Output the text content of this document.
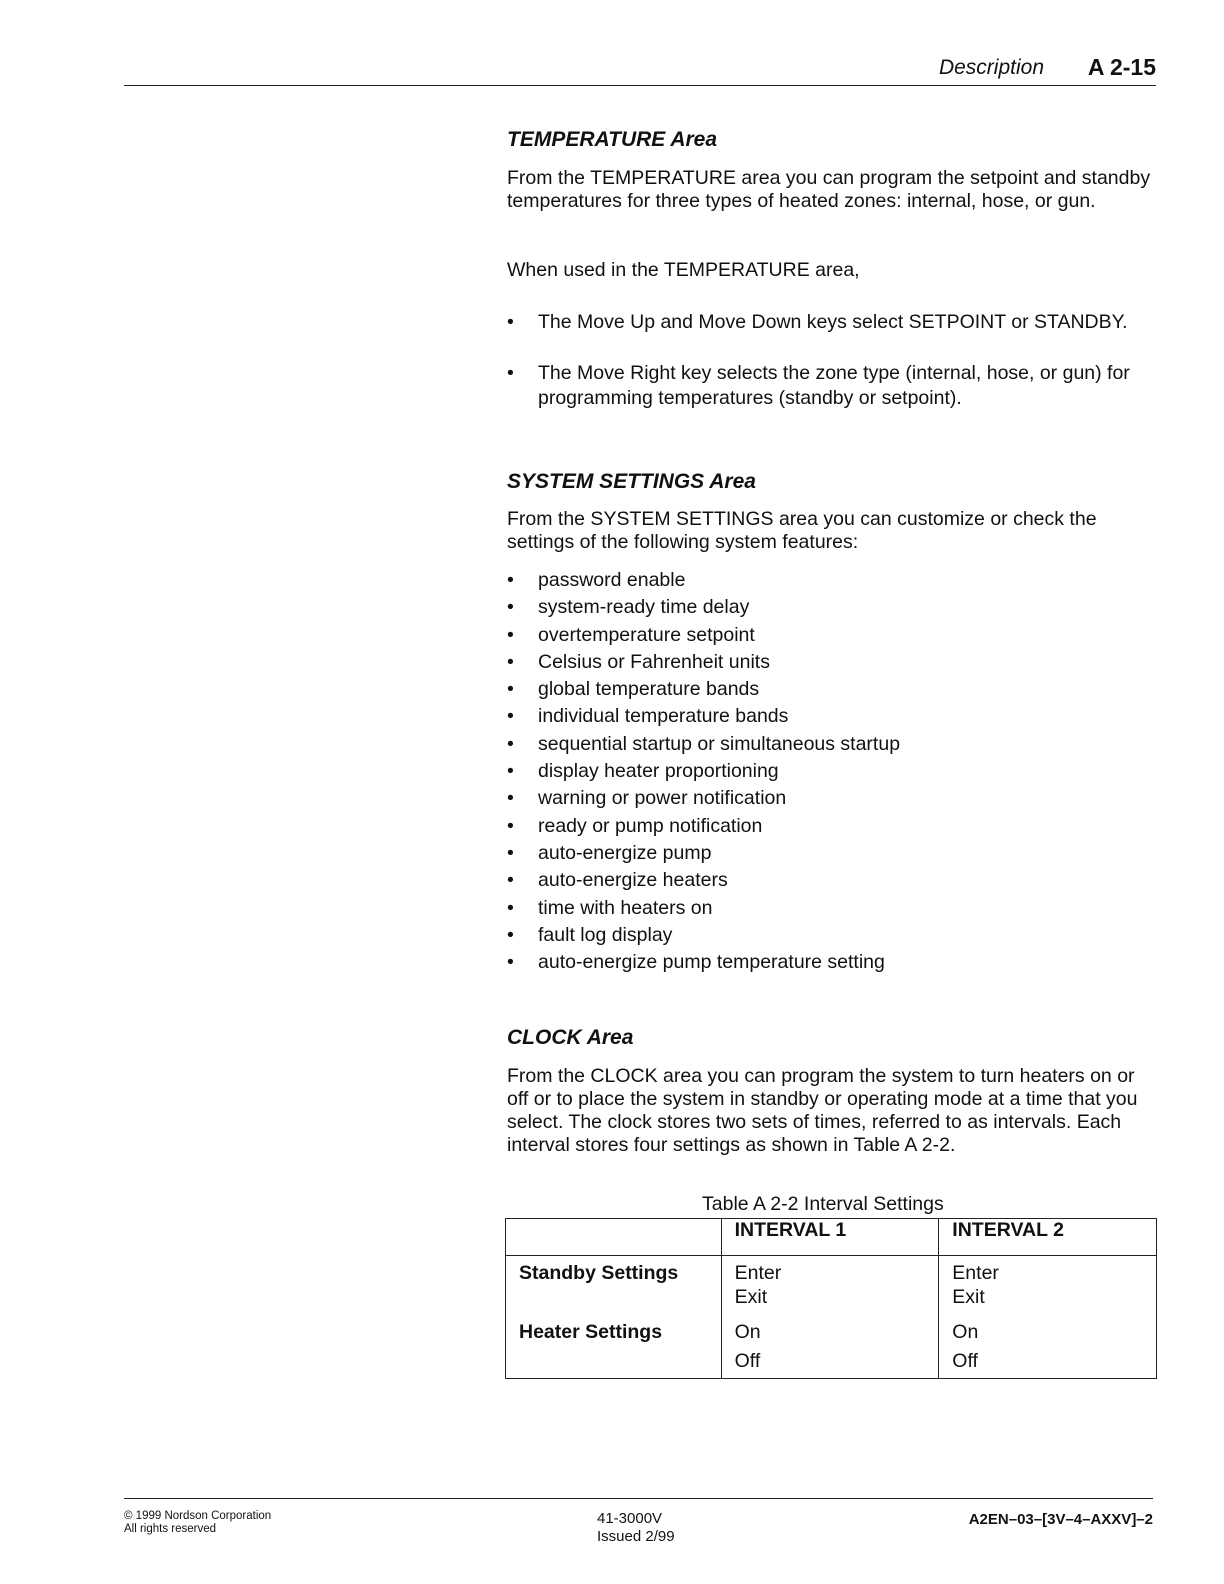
Description A 2-15
TEMPERATURE Area

From the TEMPERATURE area you can program the setpoint and standby temperatures for three types of heated zones: internal, hose, or gun.

When used in the TEMPERATURE area,

• The Move Up and Move Down keys select SETPOINT or STANDBY.
• The Move Right key selects the zone type (internal, hose, or gun) for programming temperatures (standby or setpoint).
SYSTEM SETTINGS Area

From the SYSTEM SETTINGS area you can customize or check the settings of the following system features:

• password enable
• system-ready time delay
• overtemperature setpoint
• Celsius or Fahrenheit units
• global temperature bands
• individual temperature bands
• sequential startup or simultaneous startup
• display heater proportioning
• warning or power notification
• ready or pump notification
• auto-energize pump
• auto-energize heaters
• time with heaters on
• fault log display
• auto-energize pump temperature setting
CLOCK Area

From the CLOCK area you can program the system to turn heaters on or off or to place the system in standby or operating mode at a time that you select. The clock stores two sets of times, referred to as intervals. Each interval stores four settings as shown in Table A 2-2.

Table A 2-2 Interval Settings
	INTERVAL 1	INTERVAL 2
Standby Settings	Enter	Enter
	Exit	Exit
Heater Settings	On	On
	Off	Off
© 1999 Nordson Corporation
All rights reserved
41-3000V
Issued 2/99
A2EN–03–[3V–4–AXXV]–2
